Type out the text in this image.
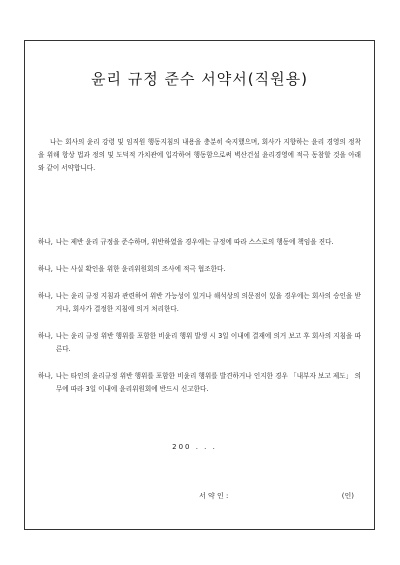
윤리 규정 준수 서약서(직원용)
나는 회사의 윤리 강령 및 임직원 행동지침의 내용을 충분히 숙지했으며, 회사가 지향하는 윤리 경영의 정착을 위해 항상 법과 정의 및 도덕적 가치관에 입각하여 행동함으로써 벽산건설 윤리경영에 적극 동참할 것을 아래와 같이 서약합니다.
하나, 나는 제반 윤리 규정을 준수하며, 위반하였을 경우에는 규정에 따라 스스로의 행동에 책임을 진다.
하나, 나는 사실 확인을 위한 윤리위원회의 조사에 적극 협조한다.
하나, 나는 윤리 규정 지침과 관련하여 위반 가능성이 있거나 해석상의 의문점이 있을 경우에는 회사의 승인을 받거나, 회사가 결정한 지침에 의거 처리한다.
하나, 나는 윤리 규정 위반 행위를 포함한 비윤리 행위 발생 시 3일 이내에 결재에 의거 보고 후 회사의 지침을 따른다.
하나, 나는 타인의 윤리규정 위반 행위를 포함한 비윤리 행위를 발견하거나 인지한 경우 「내부자 보고 제도」 의무에 따라 3일 이내에 윤리위원회에 반드시 신고한다.
200 . . .
서 약 인 :	(인)
